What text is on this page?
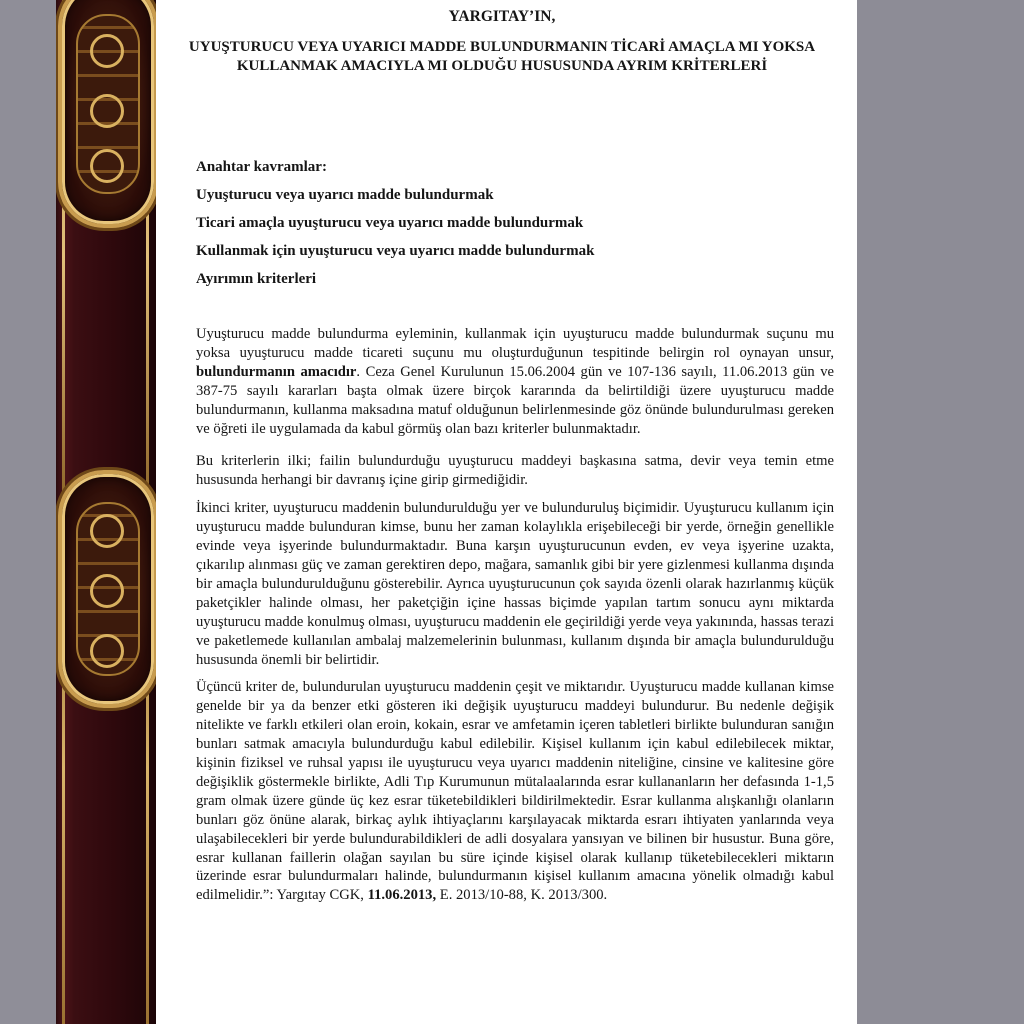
YARGITAY’IN,
UYUŞTURUCU VEYA UYARICI MADDE BULUNDURMANIN TİCARİ AMAÇLA MI YOKSA KULLANMAK AMACIYLA MI OLDUĞU HUSUSUNDA AYRIM KRİTERLERİ
Anahtar kavramlar:
Uyuşturucu veya uyarıcı madde bulundurmak
Ticari amaçla uyuşturucu veya uyarıcı madde bulundurmak
Kullanmak için uyuşturucu veya uyarıcı madde bulundurmak
Ayırımın kriterleri

Uyuşturucu madde bulundurma eyleminin, kullanmak için uyuşturucu madde bulundurmak suçunu mu yoksa uyuşturucu madde ticareti suçunu mu oluşturduğunun tespitinde belirgin rol oynayan unsur, bulundurmanın amacıdır. Ceza Genel Kurulunun 15.06.2004 gün ve 107-136 sayılı, 11.06.2013 gün ve 387-75 sayılı kararları başta olmak üzere birçok kararında da belirtildiği üzere uyuşturucu madde bulundurmanın, kullanma maksadına matuf olduğunun belirlenmesinde göz önünde bulundurulması gereken ve öğreti ile uygulamada da kabul görmüş olan bazı kriterler bulunmaktadır.

Bu kriterlerin ilki; failin bulundurduğu uyuşturucu maddeyi başkasına satma, devir veya temin etme hususunda herhangi bir davranış içine girip girmediğidir.

İkinci kriter, uyuşturucu maddenin bulundurulduğu yer ve bulunduruluş biçimidir. Uyuşturucu kullanım için uyuşturucu madde bulunduran kimse, bunu her zaman kolaylıkla erişebileceği bir yerde, örneğin genellikle evinde veya işyerinde bulundurmaktadır. Buna karşın uyuşturucunun evden, ev veya işyerine uzakta, çıkarılıp alınması güç ve zaman gerektiren depo, mağara, samanlık gibi bir yere gizlenmesi kullanma dışında bir amaçla bulundurulduğunu gösterebilir. Ayrıca uyuşturucunun çok sayıda özenli olarak hazırlanmış küçük paketçikler halinde olması, her paketçiğin içine hassas biçimde yapılan tartım sonucu aynı miktarda uyuşturucu madde konulmuş olması, uyuşturucu maddenin ele geçirildiği yerde veya yakınında, hassas terazi ve paketlemede kullanılan ambalaj malzemelerinin bulunması, kullanım dışında bir amaçla bulundurulduğu hususunda önemli bir belirtidir.

Üçüncü kriter de, bulundurulan uyuşturucu maddenin çeşit ve miktarıdır. Uyuşturucu madde kullanan kimse genelde bir ya da benzer etki gösteren iki değişik uyuşturucu maddeyi bulundurur. Bu nedenle değişik nitelikte ve farklı etkileri olan eroin, kokain, esrar ve amfetamin içeren tabletleri birlikte bulunduran sanığın bunları satmak amacıyla bulundurduğu kabul edilebilir. Kişisel kullanım için kabul edilebilecek miktar, kişinin fiziksel ve ruhsal yapısı ile uyuşturucu veya uyarıcı maddenin niteliğine, cinsine ve kalitesine göre değişiklik göstermekle birlikte, Adli Tıp Kurumunun mütalaalarında esrar kullananların her defasında 1-1,5 gram olmak üzere günde üç kez esrar tüketebildikleri bildirilmektedir. Esrar kullanma alışkanlığı olanların bunları göz önüne alarak, birkaç aylık ihtiyaçlarını karşılayacak miktarda esrarı ihtiyaten yanlarında veya ulaşabilecekleri bir yerde bulundurabildikleri de adli dosyalara yansıyan ve bilinen bir husustur. Buna göre, esrar kullanan faillerin olağan sayılan bu süre içinde kişisel olarak kullanıp tüketebilecekleri miktarın üzerinde esrar bulundurmaları halinde, bulundurmanın kişisel kullanım amacına yönelik olmadığı kabul edilmelidir.”: Yargıtay CGK, 11.06.2013, E. 2013/10-88, K. 2013/300.
